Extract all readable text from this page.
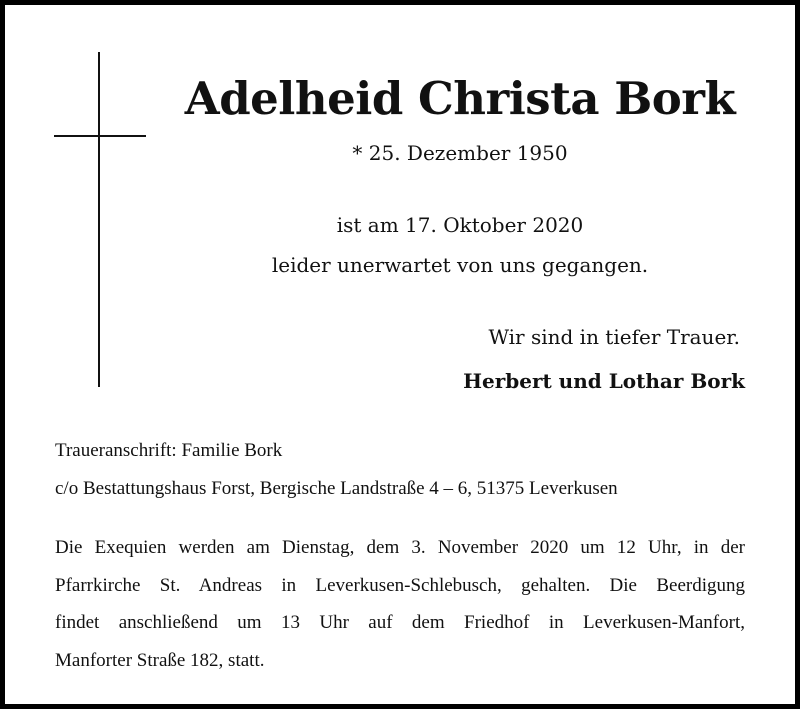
Adelheid Christa Bork
* 25. Dezember 1950
ist am 17. Oktober 2020
leider unerwartet von uns gegangen.
Wir sind in tiefer Trauer.
Herbert und Lothar Bork
Traueranschrift: Familie Bork
c/o Bestattungshaus Forst, Bergische Landstraße 4 – 6, 51375 Leverkusen
Die Exequien werden am Dienstag, dem 3. November 2020 um 12 Uhr, in der
Pfarrkirche St. Andreas in Leverkusen-Schlebusch, gehalten. Die Beerdigung
findet anschließend um 13 Uhr auf dem Friedhof in Leverkusen-Manfort,
Manforter Straße 182, statt.
